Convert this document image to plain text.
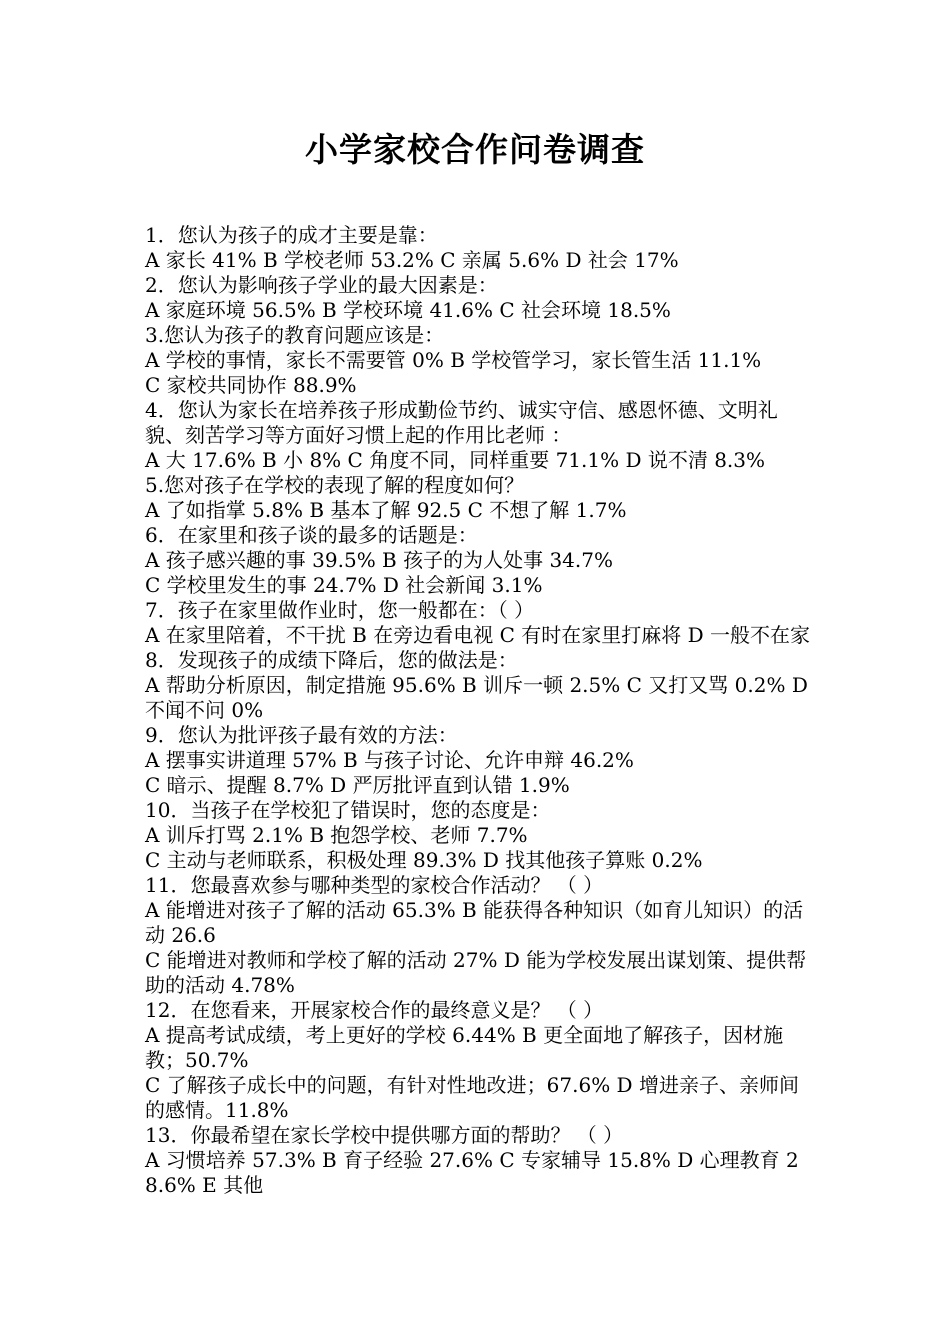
小学家校合作问卷调查
1．您认为孩子的成才主要是靠：
A 家长 41% B 学校老师 53.2% C 亲属 5.6% D 社会 17%
2．您认为影响孩子学业的最大因素是：
A 家庭环境 56.5% B 学校环境 41.6% C 社会环境 18.5%
3.您认为孩子的教育问题应该是：
A 学校的事情，家长不需要管 0% B 学校管学习，家长管生活 11.1%
C 家校共同协作 88.9%
4．您认为家长在培养孩子形成勤俭节约、诚实守信、感恩怀德、文明礼貌、刻苦学习等方面好习惯上起的作用比老师 ：
A 大 17.6% B 小 8% C 角度不同，同样重要 71.1% D 说不清 8.3%
5.您对孩子在学校的表现了解的程度如何？
A 了如指掌 5.8% B 基本了解 92.5 C 不想了解 1.7%
6．在家里和孩子谈的最多的话题是：
A 孩子感兴趣的事 39.5% B 孩子的为人处事 34.7%
C 学校里发生的事 24.7% D 社会新闻 3.1%
7．孩子在家里做作业时，您一般都在：（ ）
A 在家里陪着，不干扰 B 在旁边看电视 C 有时在家里打麻将 D 一般不在家
8．发现孩子的成绩下降后，您的做法是：
A 帮助分析原因，制定措施 95.6% B 训斥一顿 2.5% C 又打又骂 0.2% D 不闻不问 0%
9．您认为批评孩子最有效的方法：
A 摆事实讲道理 57% B 与孩子讨论、允许申辩 46.2%
C 暗示、提醒 8.7% D 严厉批评直到认错 1.9%
10．当孩子在学校犯了错误时，您的态度是：
A 训斥打骂 2.1% B 抱怨学校、老师 7.7%
C 主动与老师联系，积极处理 89.3% D 找其他孩子算账 0.2%
11．您最喜欢参与哪种类型的家校合作活动？ （ ）
A 能增进对孩子了解的活动 65.3% B 能获得各种知识（如育儿知识）的活动 26.6
C 能增进对教师和学校了解的活动 27% D 能为学校发展出谋划策、提供帮助的活动 4.78%
12．在您看来，开展家校合作的最终意义是？ （ ）
A 提高考试成绩，考上更好的学校 6.44% B 更全面地了解孩子，因材施教；50.7%
C 了解孩子成长中的问题，有针对性地改进；67.6% D 增进亲子、亲师间的感情。11.8%
13．你最希望在家长学校中提供哪方面的帮助？ （ ）
A 习惯培养 57.3% B 育子经验 27.6% C 专家辅导 15.8% D 心理教育 28.6% E 其他
